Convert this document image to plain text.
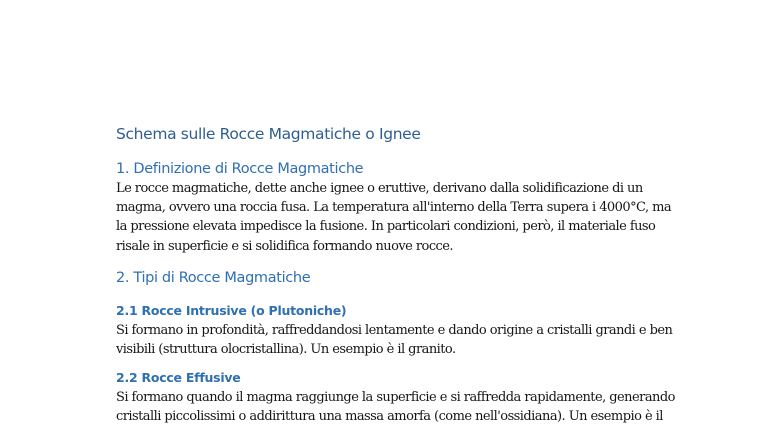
Schema sulle Rocce Magmatiche o Ignee
1. Definizione di Rocce Magmatiche

Le rocce magmatiche, dette anche ignee o eruttive, derivano dalla solidificazione di un
magma, ovvero una roccia fusa. La temperatura all'interno della Terra supera i 4000°C, ma
la pressione elevata impedisce la fusione. In particolari condizioni, però, il materiale fuso
risale in superficie e si solidifica formando nuove rocce.

2. Tipi di Rocce Magmatiche
2.1 Rocce Intrusive (o Plutoniche)

Si formano in profondità, raffreddandosi lentamente e dando origine a cristalli grandi e ben
visibili (struttura olocristallina). Un esempio è il granito.

2.2 Rocce Effusive

Si formano quando il magma raggiunge la superficie e si raffredda rapidamente, generando
cristalli piccolissimi o addirittura una massa amorfa (come nell'ossidiana). Un esempio è il
